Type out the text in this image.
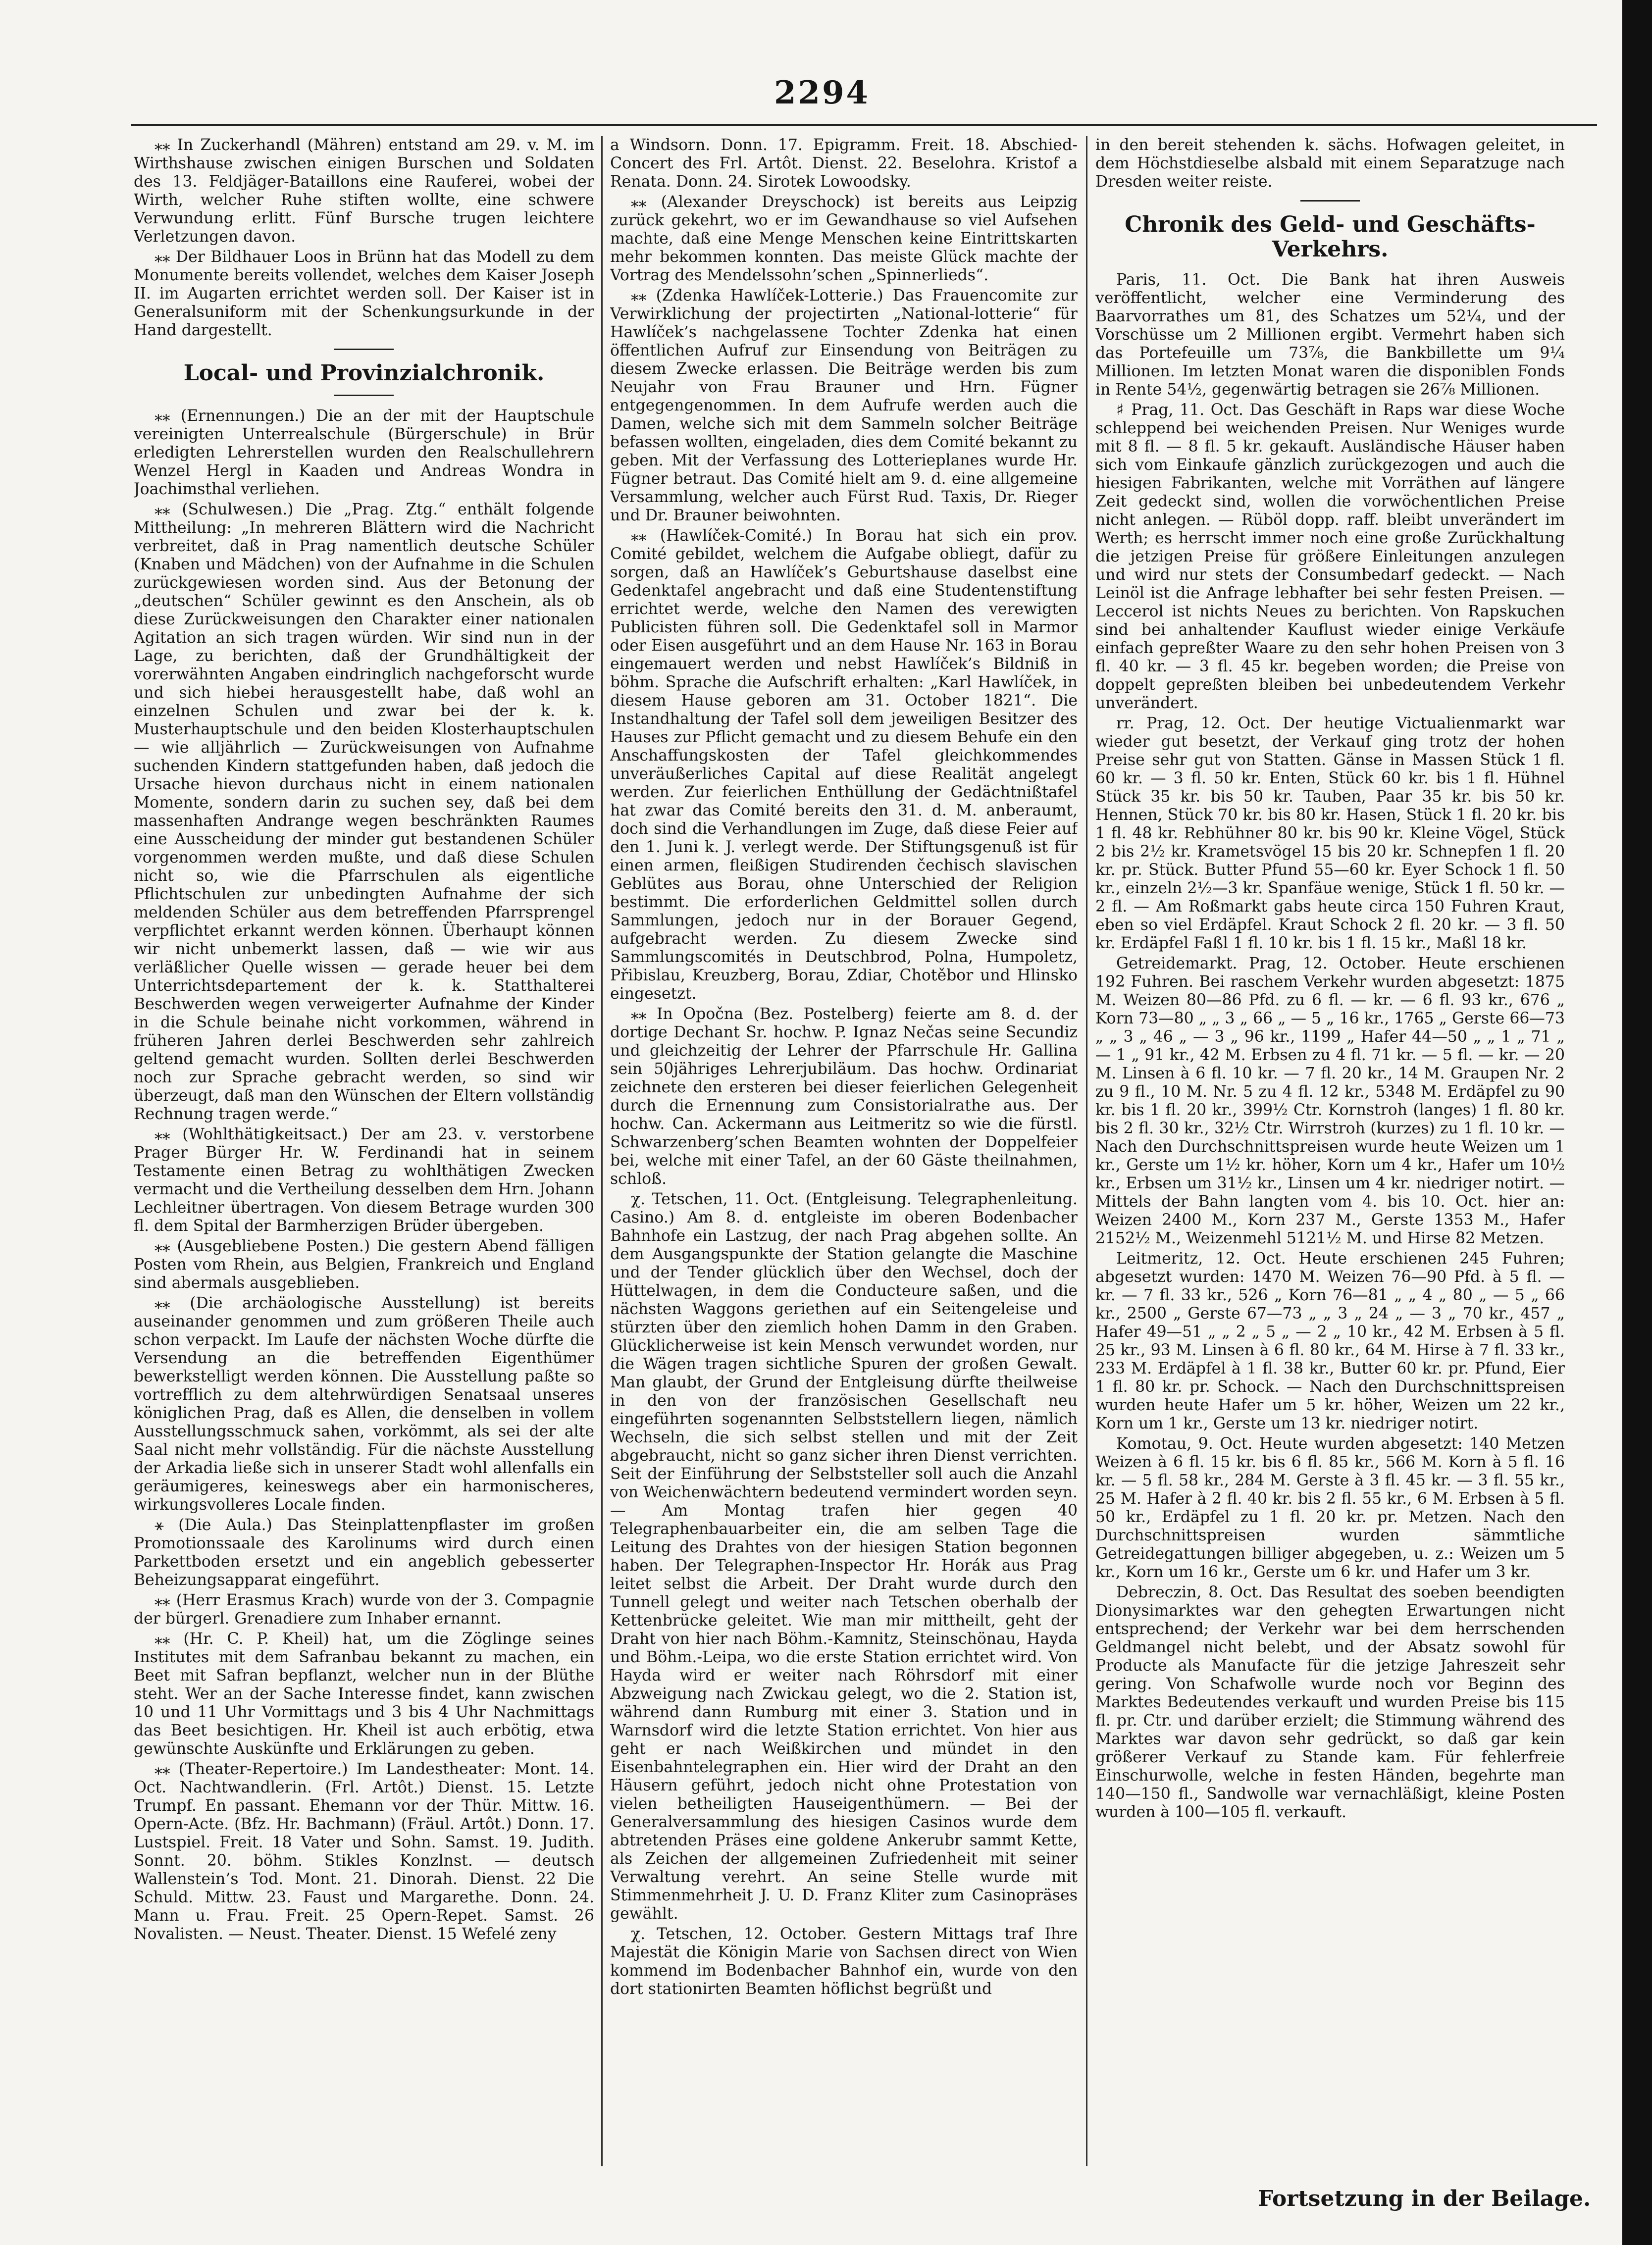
2294

⁎⁎ In Zuckerhandl (Mähren) entstand am 29. v. M. im Wirthshause zwischen einigen Burschen und Soldaten des 13. Feldjäger-Bataillons eine Rauferei, wobei der Wirth, welcher Ruhe stiften wollte, eine schwere Verwundung erlitt. Fünf Bursche trugen leichtere Verletzungen davon.

⁎⁎ Der Bildhauer Loos in Brünn hat das Modell zu dem Monumente bereits vollendet, welches dem Kaiser Joseph II. im Augarten errichtet werden soll. Der Kaiser ist in Generalsuniform mit der Schenkungsurkunde in der Hand dargestellt.

Local- und Provinzialchronik.

⁎⁎ (Ernennungen.) Die an der mit der Hauptschule vereinigten Unterrealschule (Bürgerschule) in Brür erledigten Lehrerstellen wurden den Realschullehrern Wenzel Hergl in Kaaden und Andreas Wondra in Joachimsthal verliehen.

⁎⁎ (Schulwesen.) Die „Prag. Ztg.“ enthält folgende Mittheilung: „In mehreren Blättern wird die Nachricht verbreitet, daß in Prag namentlich deutsche Schüler (Knaben und Mädchen) von der Aufnahme in die Schulen zurückgewiesen worden sind. Aus der Betonung der „deutschen“ Schüler gewinnt es den Anschein, als ob diese Zurückweisungen den Charakter einer nationalen Agitation an sich tragen würden. Wir sind nun in der Lage, zu berichten, daß der Grundhältigkeit der vorerwähnten Angaben eindringlich nachgeforscht wurde und sich hiebei herausgestellt habe, daß wohl an einzelnen Schulen und zwar bei der k. k. Musterhauptschule und den beiden Klosterhauptschulen — wie alljährlich — Zurückweisungen von Aufnahme suchenden Kindern stattgefunden haben, daß jedoch die Ursache hievon durchaus nicht in einem nationalen Momente, sondern darin zu suchen sey, daß bei dem massenhaften Andrange wegen beschränkten Raumes eine Ausscheidung der minder gut bestandenen Schüler vorgenommen werden mußte, und daß diese Schulen nicht so, wie die Pfarrschulen als eigentliche Pflichtschulen zur unbedingten Aufnahme der sich meldenden Schüler aus dem betreffenden Pfarrsprengel verpflichtet erkannt werden können. Überhaupt können wir nicht unbemerkt lassen, daß — wie wir aus verläßlicher Quelle wissen — gerade heuer bei dem Unterrichtsdepartement der k. k. Statthalterei Beschwerden wegen verweigerter Aufnahme der Kinder in die Schule beinahe nicht vorkommen, während in früheren Jahren derlei Beschwerden sehr zahlreich geltend gemacht wurden. Sollten derlei Beschwerden noch zur Sprache gebracht werden, so sind wir überzeugt, daß man den Wünschen der Eltern vollständig Rechnung tragen werde.“

⁎⁎ (Wohlthätigkeitsact.) Der am 23. v. verstorbene Prager Bürger Hr. W. Ferdinandi hat in seinem Testamente einen Betrag zu wohlthätigen Zwecken vermacht und die Vertheilung desselben dem Hrn. Johann Lechleitner übertragen. Von diesem Betrage wurden 300 fl. dem Spital der Barmherzigen Brüder übergeben.

⁎⁎ (Ausgebliebene Posten.) Die gestern Abend fälligen Posten vom Rhein, aus Belgien, Frankreich und England sind abermals ausgeblieben.

⁎⁎ (Die archäologische Ausstellung) ist bereits auseinander genommen und zum größeren Theile auch schon verpackt. Im Laufe der nächsten Woche dürfte die Versendung an die betreffenden Eigenthümer bewerkstelligt werden können. Die Ausstellung paßte so vortrefflich zu dem altehrwürdigen Senatsaal unseres königlichen Prag, daß es Allen, die denselben in vollem Ausstellungsschmuck sahen, vorkömmt, als sei der alte Saal nicht mehr vollständig. Für die nächste Ausstellung der Arkadia ließe sich in unserer Stadt wohl allenfalls ein geräumigeres, keineswegs aber ein harmonischeres, wirkungsvolleres Locale finden.

⚹ (Die Aula.) Das Steinplattenpflaster im großen Promotionssaale des Karolinums wird durch einen Parkettboden ersetzt und ein angeblich gebesserter Beheizungsapparat eingeführt.

⁎⁎ (Herr Erasmus Krach) wurde von der 3. Compagnie der bürgerl. Grenadiere zum Inhaber ernannt.

⁎⁎ (Hr. C. P. Kheil) hat, um die Zöglinge seines Institutes mit dem Safranbau bekannt zu machen, ein Beet mit Safran bepflanzt, welcher nun in der Blüthe steht. Wer an der Sache Interesse findet, kann zwischen 10 und 11 Uhr Vormittags und 3 bis 4 Uhr Nachmittags das Beet besichtigen. Hr. Kheil ist auch erbötig, etwa gewünschte Auskünfte und Erklärungen zu geben.

⁎⁎ (Theater-Repertoire.) Im Landestheater: Mont. 14. Oct. Nachtwandlerin. (Frl. Artôt.) Dienst. 15. Letzte Trumpf. En passant. Ehemann vor der Thür. Mittw. 16. Opern-Acte. (Bfz. Hr. Bachmann) (Fräul. Artôt.) Donn. 17. Lustspiel. Freit. 18 Vater und Sohn. Samst. 19. Judith. Sonnt. 20. böhm. Stikles Konzlnst. — deutsch Wallenstein’s Tod. Mont. 21. Dinorah. Dienst. 22 Die Schuld. Mittw. 23. Faust und Margarethe. Donn. 24. Mann u. Frau. Freit. 25 Opern-Repet. Samst. 26 Novalisten. — Neust. Theater. Dienst. 15 Wefelé zeny

a Windsorn. Donn. 17. Epigramm. Freit. 18. Abschied-Concert des Frl. Artôt. Dienst. 22. Beselohra. Kristof a Renata. Donn. 24. Sirotek Lowoodsky.

⁎⁎ (Alexander Dreyschock) ist bereits aus Leipzig zurück gekehrt, wo er im Gewandhause so viel Aufsehen machte, daß eine Menge Menschen keine Eintrittskarten mehr bekommen konnten. Das meiste Glück machte der Vortrag des Mendelssohn’schen „Spinnerlieds“.

⁎⁎ (Zdenka Hawlíček-Lotterie.) Das Frauencomite zur Verwirklichung der projectirten „National-lotterie“ für Hawlíček’s nachgelassene Tochter Zdenka hat einen öffentlichen Aufruf zur Einsendung von Beiträgen zu diesem Zwecke erlassen. Die Beiträge werden bis zum Neujahr von Frau Brauner und Hrn. Fügner entgegengenommen. In dem Aufrufe werden auch die Damen, welche sich mit dem Sammeln solcher Beiträge befassen wollten, eingeladen, dies dem Comité bekannt zu geben. Mit der Verfassung des Lotterieplanes wurde Hr. Fügner betraut. Das Comité hielt am 9. d. eine allgemeine Versammlung, welcher auch Fürst Rud. Taxis, Dr. Rieger und Dr. Brauner beiwohnten.

⁎⁎ (Hawlíček-Comité.) In Borau hat sich ein prov. Comité gebildet, welchem die Aufgabe obliegt, dafür zu sorgen, daß an Hawlíček’s Geburtshause daselbst eine Gedenktafel angebracht und daß eine Studentenstiftung errichtet werde, welche den Namen des verewigten Publicisten führen soll. Die Gedenktafel soll in Marmor oder Eisen ausgeführt und an dem Hause Nr. 163 in Borau eingemauert werden und nebst Hawlíček’s Bildniß in böhm. Sprache die Aufschrift erhalten: „Karl Hawlíček, in diesem Hause geboren am 31. October 1821“. Die Instandhaltung der Tafel soll dem jeweiligen Besitzer des Hauses zur Pflicht gemacht und zu diesem Behufe ein den Anschaffungskosten der Tafel gleichkommendes unveräußerliches Capital auf diese Realität angelegt werden. Zur feierlichen Enthüllung der Gedächtnißtafel hat zwar das Comité bereits den 31. d. M. anberaumt, doch sind die Verhandlungen im Zuge, daß diese Feier auf den 1. Juni k. J. verlegt werde. Der Stiftungsgenuß ist für einen armen, fleißigen Studirenden čechisch slavischen Geblütes aus Borau, ohne Unterschied der Religion bestimmt. Die erforderlichen Geldmittel sollen durch Sammlungen, jedoch nur in der Borauer Gegend, aufgebracht werden. Zu diesem Zwecke sind Sammlungscomités in Deutschbrod, Polna, Humpoletz, Přibislau, Kreuzberg, Borau, Zdiar, Chotěbor und Hlinsko eingesetzt.

⁎⁎ In Opočna (Bez. Postelberg) feierte am 8. d. der dortige Dechant Sr. hochw. P. Ignaz Nečas seine Secundiz und gleichzeitig der Lehrer der Pfarrschule Hr. Gallina sein 50jähriges Lehrerjubiläum. Das hochw. Ordinariat zeichnete den ersteren bei dieser feierlichen Gelegenheit durch die Ernennung zum Consistorialrathe aus. Der hochw. Can. Ackermann aus Leitmeritz so wie die fürstl. Schwarzenberg’schen Beamten wohnten der Doppelfeier bei, welche mit einer Tafel, an der 60 Gäste theilnahmen, schloß.

χ. Tetschen, 11. Oct. (Entgleisung. Telegraphenleitung. Casino.) Am 8. d. entgleiste im oberen Bodenbacher Bahnhofe ein Lastzug, der nach Prag abgehen sollte. An dem Ausgangspunkte der Station gelangte die Maschine und der Tender glücklich über den Wechsel, doch der Hüttelwagen, in dem die Conducteure saßen, und die nächsten Waggons geriethen auf ein Seitengeleise und stürzten über den ziemlich hohen Damm in den Graben. Glücklicherweise ist kein Mensch verwundet worden, nur die Wägen tragen sichtliche Spuren der großen Gewalt. Man glaubt, der Grund der Entgleisung dürfte theilweise in den von der französischen Gesellschaft neu eingeführten sogenannten Selbststellern liegen, nämlich Wechseln, die sich selbst stellen und mit der Zeit abgebraucht, nicht so ganz sicher ihren Dienst verrichten. Seit der Einführung der Selbststeller soll auch die Anzahl von Weichenwächtern bedeutend vermindert worden seyn. — Am Montag trafen hier gegen 40 Telegraphenbauarbeiter ein, die am selben Tage die Leitung des Drahtes von der hiesigen Station begonnen haben. Der Telegraphen-Inspector Hr. Horák aus Prag leitet selbst die Arbeit. Der Draht wurde durch den Tunnell gelegt und weiter nach Tetschen oberhalb der Kettenbrücke geleitet. Wie man mir mittheilt, geht der Draht von hier nach Böhm.-Kamnitz, Steinschönau, Hayda und Böhm.-Leipa, wo die erste Station errichtet wird. Von Hayda wird er weiter nach Röhrsdorf mit einer Abzweigung nach Zwickau gelegt, wo die 2. Station ist, während dann Rumburg mit einer 3. Station und in Warnsdorf wird die letzte Station errichtet. Von hier aus geht er nach Weißkirchen und mündet in den Eisenbahntelegraphen ein. Hier wird der Draht an den Häusern geführt, jedoch nicht ohne Protestation von vielen betheiligten Hauseigenthümern. — Bei der Generalversammlung des hiesigen Casinos wurde dem abtretenden Präses eine goldene Ankerubr sammt Kette, als Zeichen der allgemeinen Zufriedenheit mit seiner Verwaltung verehrt. An seine Stelle wurde mit Stimmenmehrheit J. U. D. Franz Kliter zum Casinopräses gewählt.

χ. Tetschen, 12. October. Gestern Mittags traf Ihre Majestät die Königin Marie von Sachsen direct von Wien kommend im Bodenbacher Bahnhof ein, wurde von den dort stationirten Beamten höflichst begrüßt und

in den bereit stehenden k. sächs. Hofwagen geleitet, in dem Höchstdieselbe alsbald mit einem Separatzuge nach Dresden weiter reiste.

Chronik des Geld- und Geschäfts-Verkehrs.

Paris, 11. Oct. Die Bank hat ihren Ausweis veröffentlicht, welcher eine Verminderung des Baarvorrathes um 81, des Schatzes um 52¼, und der Vorschüsse um 2 Millionen ergibt. Vermehrt haben sich das Portefeuille um 73⅞, die Bankbillette um 9¼ Millionen. Im letzten Monat waren die disponiblen Fonds in Rente 54½, gegenwärtig betragen sie 26⅞ Millionen.

♯ Prag, 11. Oct. Das Geschäft in Raps war diese Woche schleppend bei weichenden Preisen. Nur Weniges wurde mit 8 fl. — 8 fl. 5 kr. gekauft. Ausländische Häuser haben sich vom Einkaufe gänzlich zurückgezogen und auch die hiesigen Fabrikanten, welche mit Vorräthen auf längere Zeit gedeckt sind, wollen die vorwöchentlichen Preise nicht anlegen. — Rüböl dopp. raff. bleibt unverändert im Werth; es herrscht immer noch eine große Zurückhaltung die jetzigen Preise für größere Einleitungen anzulegen und wird nur stets der Consumbedarf gedeckt. — Nach Leinöl ist die Anfrage lebhafter bei sehr festen Preisen. — Leccerol ist nichts Neues zu berichten. Von Rapskuchen sind bei anhaltender Kauflust wieder einige Verkäufe einfach gepreßter Waare zu den sehr hohen Preisen von 3 fl. 40 kr. — 3 fl. 45 kr. begeben worden; die Preise von doppelt gepreßten bleiben bei unbedeutendem Verkehr unverändert.

rr. Prag, 12. Oct. Der heutige Victualienmarkt war wieder gut besetzt, der Verkauf ging trotz der hohen Preise sehr gut von Statten. Gänse in Massen Stück 1 fl. 60 kr. — 3 fl. 50 kr. Enten, Stück 60 kr. bis 1 fl. Hühnel Stück 35 kr. bis 50 kr. Tauben, Paar 35 kr. bis 50 kr. Hennen, Stück 70 kr. bis 80 kr. Hasen, Stück 1 fl. 20 kr. bis 1 fl. 48 kr. Rebhühner 80 kr. bis 90 kr. Kleine Vögel, Stück 2 bis 2½ kr. Krametsvögel 15 bis 20 kr. Schnepfen 1 fl. 20 kr. pr. Stück. Butter Pfund 55—60 kr. Eyer Schock 1 fl. 50 kr., einzeln 2½—3 kr. Spanfäue wenige, Stück 1 fl. 50 kr. — 2 fl. — Am Roßmarkt gabs heute circa 150 Fuhren Kraut, eben so viel Erdäpfel. Kraut Schock 2 fl. 20 kr. — 3 fl. 50 kr. Erdäpfel Faßl 1 fl. 10 kr. bis 1 fl. 15 kr., Maßl 18 kr.

Getreidemarkt. Prag, 12. October. Heute erschienen 192 Fuhren. Bei raschem Verkehr wurden abgesetzt: 1875 M. Weizen 80—86 Pfd. zu 6 fl. — kr. — 6 fl. 93 kr., 676 „ Korn 73—80 „ „ 3 „ 66 „ — 5 „ 16 kr., 1765 „ Gerste 66—73 „ „ 3 „ 46 „ — 3 „ 96 kr., 1199 „ Hafer 44—50 „ „ 1 „ 71 „ — 1 „ 91 kr., 42 M. Erbsen zu 4 fl. 71 kr. — 5 fl. — kr. — 20 M. Linsen à 6 fl. 10 kr. — 7 fl. 20 kr., 14 M. Graupen Nr. 2 zu 9 fl., 10 M. Nr. 5 zu 4 fl. 12 kr., 5348 M. Erdäpfel zu 90 kr. bis 1 fl. 20 kr., 399½ Ctr. Kornstroh (langes) 1 fl. 80 kr. bis 2 fl. 30 kr., 32½ Ctr. Wirrstroh (kurzes) zu 1 fl. 10 kr. — Nach den Durchschnittspreisen wurde heute Weizen um 1 kr., Gerste um 1½ kr. höher, Korn um 4 kr., Hafer um 10½ kr., Erbsen um 31½ kr., Linsen um 4 kr. niedriger notirt. — Mittels der Bahn langten vom 4. bis 10. Oct. hier an: Weizen 2400 M., Korn 237 M., Gerste 1353 M., Hafer 2152½ M., Weizenmehl 5121½ M. und Hirse 82 Metzen.

Leitmeritz, 12. Oct. Heute erschienen 245 Fuhren; abgesetzt wurden: 1470 M. Weizen 76—90 Pfd. à 5 fl. — kr. — 7 fl. 33 kr., 526 „ Korn 76—81 „ „ 4 „ 80 „ — 5 „ 66 kr., 2500 „ Gerste 67—73 „ „ 3 „ 24 „ — 3 „ 70 kr., 457 „ Hafer 49—51 „ „ 2 „ 5 „ — 2 „ 10 kr., 42 M. Erbsen à 5 fl. 25 kr., 93 M. Linsen à 6 fl. 80 kr., 64 M. Hirse à 7 fl. 33 kr., 233 M. Erdäpfel à 1 fl. 38 kr., Butter 60 kr. pr. Pfund, Eier 1 fl. 80 kr. pr. Schock. — Nach den Durchschnittspreisen wurden heute Hafer um 5 kr. höher, Weizen um 22 kr., Korn um 1 kr., Gerste um 13 kr. niedriger notirt.

Komotau, 9. Oct. Heute wurden abgesetzt: 140 Metzen Weizen à 6 fl. 15 kr. bis 6 fl. 85 kr., 566 M. Korn à 5 fl. 16 kr. — 5 fl. 58 kr., 284 M. Gerste à 3 fl. 45 kr. — 3 fl. 55 kr., 25 M. Hafer à 2 fl. 40 kr. bis 2 fl. 55 kr., 6 M. Erbsen à 5 fl. 50 kr., Erdäpfel zu 1 fl. 20 kr. pr. Metzen. Nach den Durchschnittspreisen wurden sämmtliche Getreidegattungen billiger abgegeben, u. z.: Weizen um 5 kr., Korn um 16 kr., Gerste um 6 kr. und Hafer um 3 kr.

Debreczin, 8. Oct. Das Resultat des soeben beendigten Dionysimarktes war den gehegten Erwartungen nicht entsprechend; der Verkehr war bei dem herrschenden Geldmangel nicht belebt, und der Absatz sowohl für Producte als Manufacte für die jetzige Jahreszeit sehr gering. Von Schafwolle wurde noch vor Beginn des Marktes Bedeutendes verkauft und wurden Preise bis 115 fl. pr. Ctr. und darüber erzielt; die Stimmung während des Marktes war davon sehr gedrückt, so daß gar kein größerer Verkauf zu Stande kam. Für fehlerfreie Einschurwolle, welche in festen Händen, begehrte man 140—150 fl., Sandwolle war vernachläßigt, kleine Posten wurden à 100—105 fl. verkauft.

Fortsetzung in der Beilage.
